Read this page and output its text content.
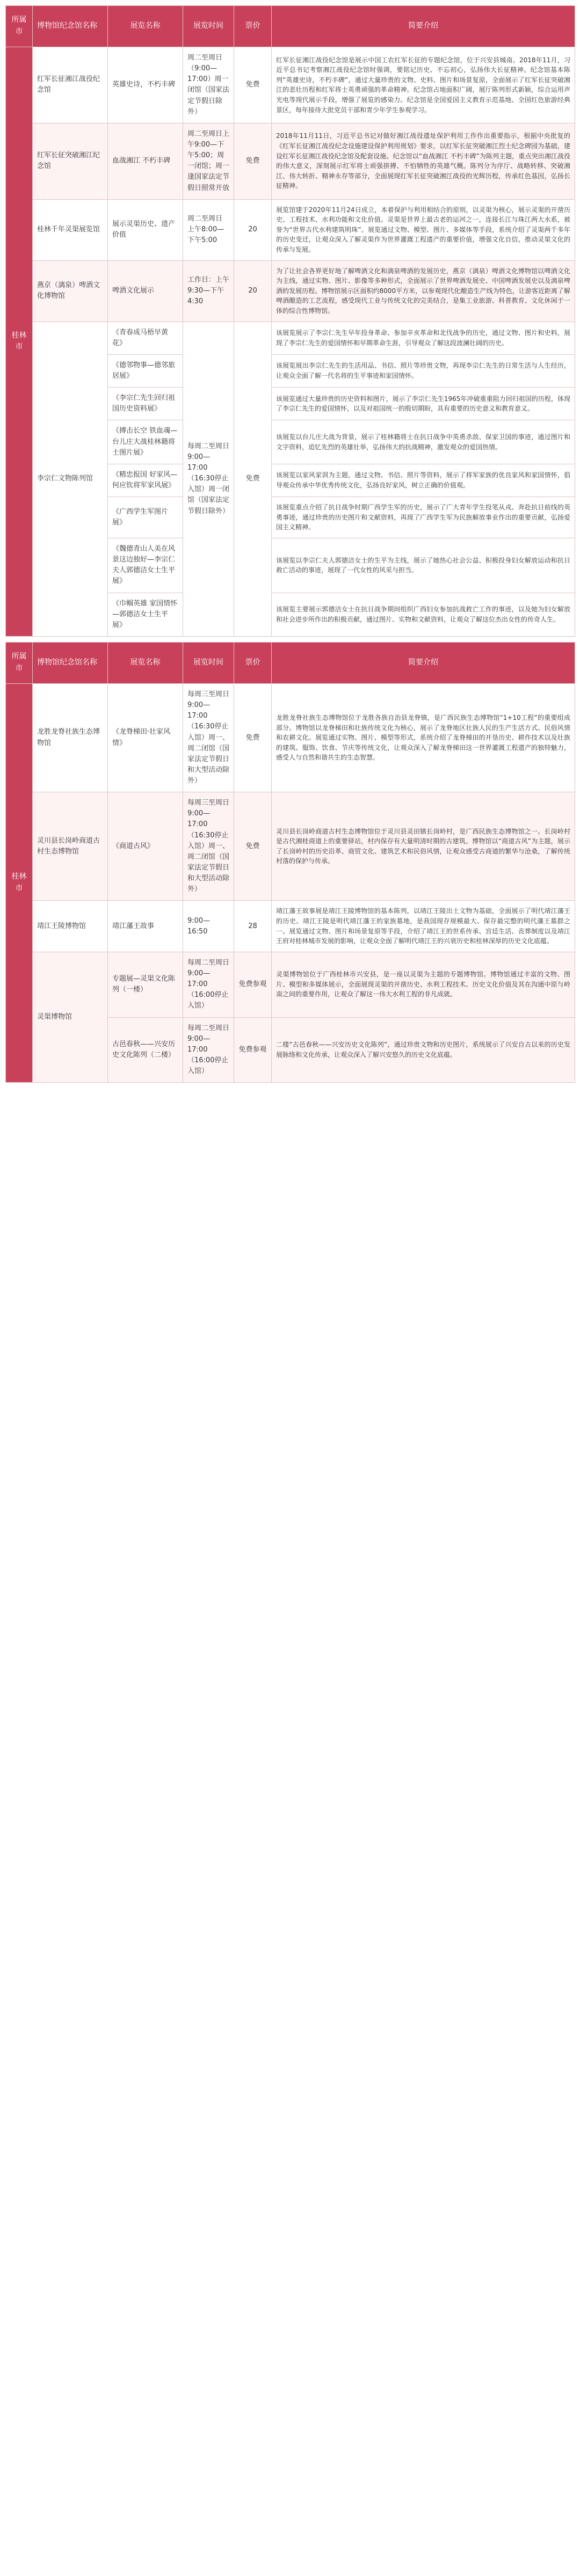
所属市	博物馆纪念馆名称	展览名称	展览时间	票价	简要介绍
桂林市	红军长征湘江战役纪念馆	英雄史诗，不朽丰碑	周二至周日（9:00—17:00）周一闭馆（国家法定节假日除外）	免费	红军长征湘江战役纪念馆是展示中国工农红军长征的专题纪念馆，位于兴安县城南。2018年11月，习近平总书记考察湘江战役纪念馆时强调，要铭记历史、不忘初心，弘扬伟大长征精神。纪念馆基本陈列“英雄史诗，不朽丰碑”，通过大量珍贵的文物、史料、图片和场景复原，全面展示了红军长征突破湘江的悲壮历程和红军将士英勇顽强的革命精神。纪念馆占地面积广阔，展厅陈列形式新颖，综合运用声光电等现代展示手段，增强了展览的感染力。纪念馆是全国爱国主义教育示范基地、全国红色旅游经典景区，每年接待大批党员干部和青少年学生参观学习。
	红军长征突破湘江纪念馆	血战湘江 不朽丰碑	周二至周日上午9:00—下午5:00；周一闭馆；周一逢国家法定节假日照常开放	免费	2018年11月11日，习近平总书记对做好湘江战役遗址保护利用工作作出重要指示，根据中央批复的《红军长征湘江战役纪念设施建设保护利用规划》要求，以红军长征突破湘江烈士纪念碑园为基础，建设红军长征湘江战役纪念馆及配套设施。纪念馆以“血战湘江 不朽丰碑”为陈列主题，重点突出湘江战役的伟大意义，深刻展示红军将士顽强拼搏、不怕牺牲的英雄气概。陈列分为序厅、战略转移、突破湘江、伟大转折、精神永存等部分，全面展现红军长征突破湘江战役的光辉历程，传承红色基因，弘扬长征精神。
	桂林千年灵渠展览馆	展示灵渠历史、遗产价值	周二至周日 上午8:00—下午5:00	20	展览馆建于2020年11月24日成立，本着保护与利用相结合的原则，以灵渠为核心，展示灵渠的开凿历史、工程技术、水利功能和文化价值。灵渠是世界上最古老的运河之一，连接长江与珠江两大水系，被誉为“世界古代水利建筑明珠”。展览通过文物、模型、图片、多媒体等手段，系统介绍了灵渠两千多年的历史变迁，让观众深入了解灵渠作为世界灌溉工程遗产的重要价值，增强文化自信，推动灵渠文化的传承与发展。
	燕京（漓泉）啤酒文化博物馆	啤酒文化展示	工作日：上午9:30—下午4:30	20	为了让社会各界更好地了解啤酒文化和漓泉啤酒的发展历史，燕京（漓泉）啤酒文化博物馆以啤酒文化为主线，通过实物、图片、影像等多种形式，全面展示了世界啤酒发展史、中国啤酒发展史以及漓泉啤酒的发展历程。博物馆展示区面积约8000平方米，以参观现代化酿造生产线为特色，让游客近距离了解啤酒酿造的工艺流程，感受现代工业与传统文化的完美结合，是集工业旅游、科普教育、文化休闲于一体的综合性博物馆。
	李宗仁文物陈列馆	《青春成马梧早黄花》	每周二至周日9:00—17:00（16:30停止入馆）周一闭馆（国家法定节假日除外）	免费	该展览展示了李宗仁先生早年投身革命、参加辛亥革命和北伐战争的历史，通过文物、图片和史料，展现了李宗仁先生的爱国情怀和早期革命生涯，引导观众了解这段波澜壮阔的历史。
		《德邻物事—德邻旅居展》			该展览展出李宗仁先生的生活用品、书信、照片等珍贵文物，再现李宗仁先生的日常生活与人生经历，让观众全面了解一代名将的生平事迹和家国情怀。
		《李宗仁先生回归祖国历史资料展》			该展览通过大量珍贵的历史资料和图片，展示了李宗仁先生1965年冲破重重阻力回归祖国的历程，体现了李宗仁先生的爱国情怀，以及对祖国统一的殷切期盼，具有重要的历史意义和教育意义。
		《搏击长空 铁血魂—台儿庄大战桂林籍将士图片展》			该展览以台儿庄大战为背景，展示了桂林籍将士在抗日战争中英勇杀敌、保家卫国的事迹，通过图片和文字资料，追忆先烈的英雄壮举，弘扬伟大的抗战精神，激发观众的爱国热情。
		《精忠报国 好家风—何应钦将军家风展》			该展览以家风家训为主题，通过文物、书信、照片等资料，展示了将军家族的优良家风和家国情怀，倡导观众传承中华优秀传统文化，弘扬良好家风，树立正确的价值观。
		《广西学生军图片展》			该展览重点介绍了抗日战争时期广西学生军的历史，展示了广大青年学生投笔从戎、奔赴抗日前线的英勇事迹，通过珍贵的历史图片和文献资料，再现了广西学生军为民族解放事业作出的重要贡献，弘扬爱国主义精神。
		《魏德青山人美在风景这边独好—李宗仁夫人郭德洁女士生平展》			该展览以李宗仁夫人郭德洁女士的生平为主线，展示了她热心社会公益、积极投身妇女解放运动和抗日救亡活动的事迹，展现了一代女性的风采与担当。
		《巾帼英雄 家国情怀—郭德洁女士生平展》			该展览主要展示郭德洁女士在抗日战争期间组织广西妇女参加抗战救亡工作的事迹，以及她为妇女解放和社会进步所作出的积极贡献，通过图片、实物和文献资料，让观众了解这位杰出女性的传奇人生。
所属市	博物馆纪念馆名称	展览名称	展览时间	票价	简要介绍
桂林市	龙胜龙脊社族生态博物馆	《龙脊梯田·壮家风情》	每周三至周日9:00—17:00（16:30停止入馆）周一、周二闭馆（国家法定节假日和大型活动除外）	免费	龙胜龙脊社族生态博物馆位于龙胜各族自治县龙脊镇，是广西民族生态博物馆“1+10工程”的重要组成部分。博物馆以龙脊梯田和壮族传统文化为核心，展示了龙脊地区壮族人民的生产生活方式、民俗风情和农耕文化。展览通过实物、图片、模型等形式，系统介绍了龙脊梯田的开垦历史、耕作技术以及壮族的建筑、服饰、饮食、节庆等传统文化，让观众深入了解龙脊梯田这一世界灌溉工程遗产的独特魅力，感受人与自然和谐共生的生态智慧。
	灵川县长岗岭商道古村生态博物馆	《商道古风》	每周三至周日9:00—17:00（16:30停止入馆）周一、周二闭馆（国家法定节假日和大型活动除外）	免费	灵川县长岗岭商道古村生态博物馆位于灵川县灵田镇长岗岭村，是广西民族生态博物馆之一。长岗岭村是古代湘桂商道上的重要驿站，村内保存有大量明清时期的古建筑。博物馆以“商道古风”为主题，展示了长岗岭村的历史沿革、商贸文化、建筑艺术和民俗风情，让观众感受古商道的繁华与沧桑，了解传统村落的保护与传承。
	靖江王陵博物馆	靖江藩王故事	9:00—16:50	28	靖江藩王故事展是靖江王陵博物馆的基本陈列，以靖江王陵出土文物为基础，全面展示了明代靖江藩王的历史。靖江王陵是明代靖江藩王的家族墓地，是我国现存规模最大、保存最完整的明代藩王墓群之一。展览通过文物、图片和场景复原等手段，介绍了靖江王的世系传承、宫廷生活、丧葬制度以及靖江王府对桂林城市发展的影响，让观众全面了解明代靖江王的兴衰历史和桂林深厚的历史文化底蕴。
	灵渠博物馆	专题展—灵渠文化陈列（一楼）	每周二至周日9:00—17:00（16:00停止入馆）	免费参观	灵渠博物馆位于广西桂林市兴安县，是一座以灵渠为主题的专题博物馆。博物馆通过丰富的文物、图片、模型和多媒体展示，全面展现灵渠的开凿历史、水利工程技术、历史文化价值及其在沟通中原与岭南之间的重要作用，让观众了解这一伟大水利工程的非凡成就。
		古邑春秋——兴安历史文化陈列（二楼）	每周二至周日9:00—17:00（16:00停止入馆）	免费参观	二楼“古邑春秋——兴安历史文化陈列”，通过珍贵文物和历史图片，系统展示了兴安自古以来的历史发展脉络和文化传承，让观众深入了解兴安悠久的历史文化底蕴。
